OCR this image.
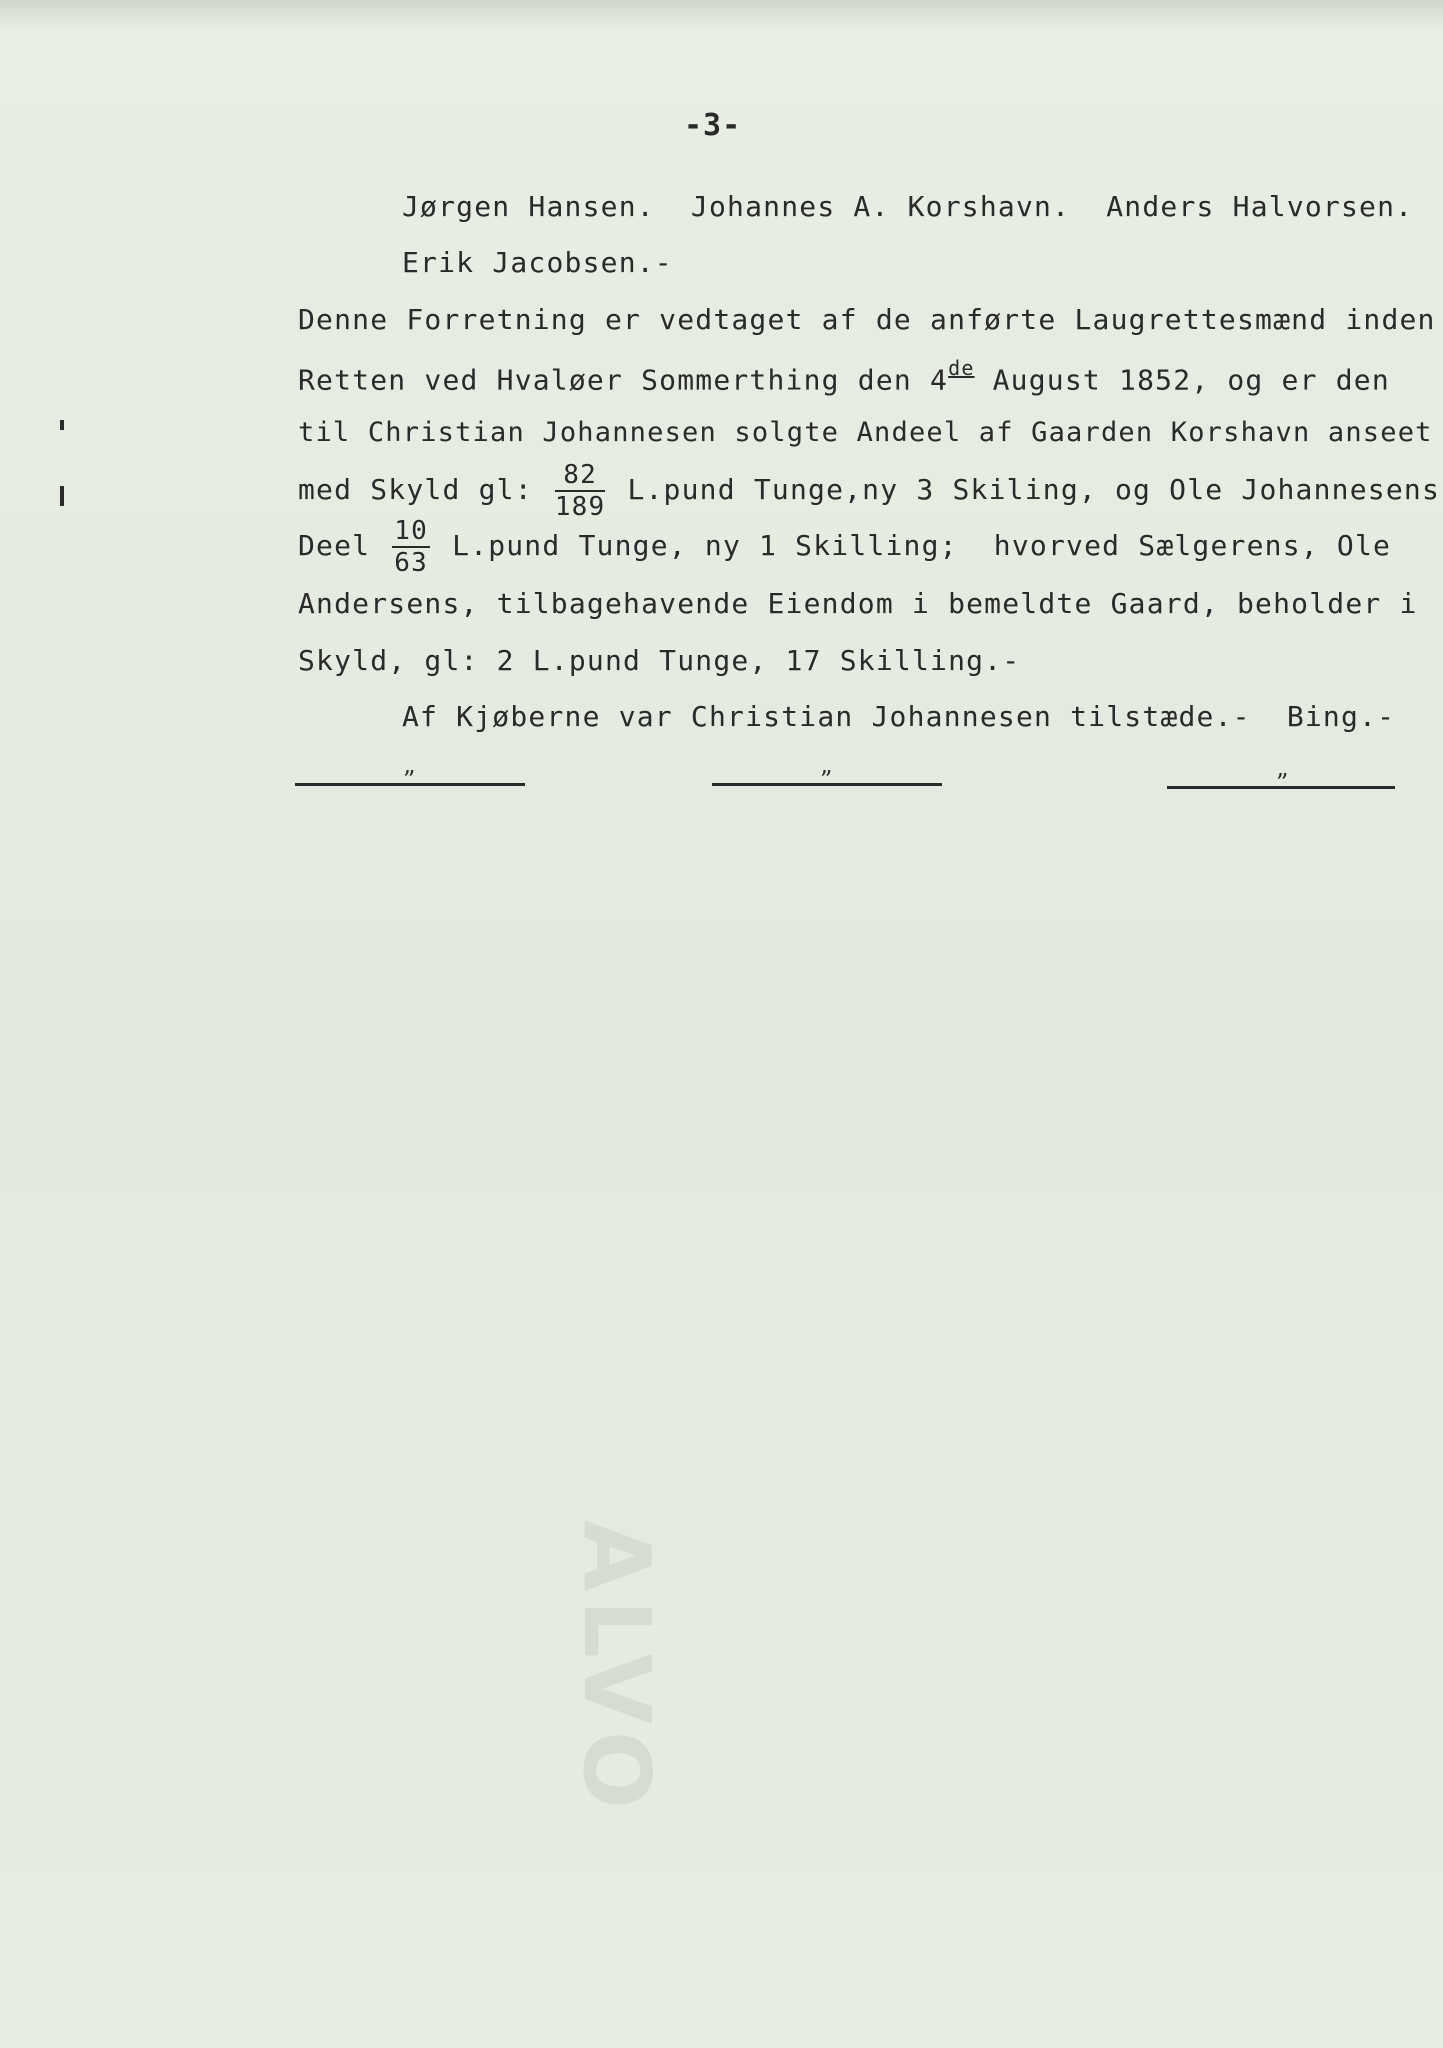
ALVO
-3-
Jørgen Hansen.  Johannes A. Korshavn.  Anders Halvorsen.
Erik Jacobsen.-
Denne Forretning er vedtaget af de anførte Laugrettesmænd inden
Retten ved Hvaløer Sommerthing den 4de August 1852, og er den
til Christian Johannesen solgte Andeel af Gaarden Korshavn anseet
med Skyld gl: $\frac{82}{189}$ L.pund Tunge,ny 3 Skiling, og Ole Johannesens
Deel $\frac{10}{63}$ L.pund Tunge, ny 1 Skilling;  hvorved Sælgerens, Ole
Andersens, tilbagehavende Eiendom i bemeldte Gaard, beholder i
Skyld, gl: 2 L.pund Tunge, 17 Skilling.-
Af Kjøberne var Christian Johannesen tilstæde.-  Bing.-
”	”	”
